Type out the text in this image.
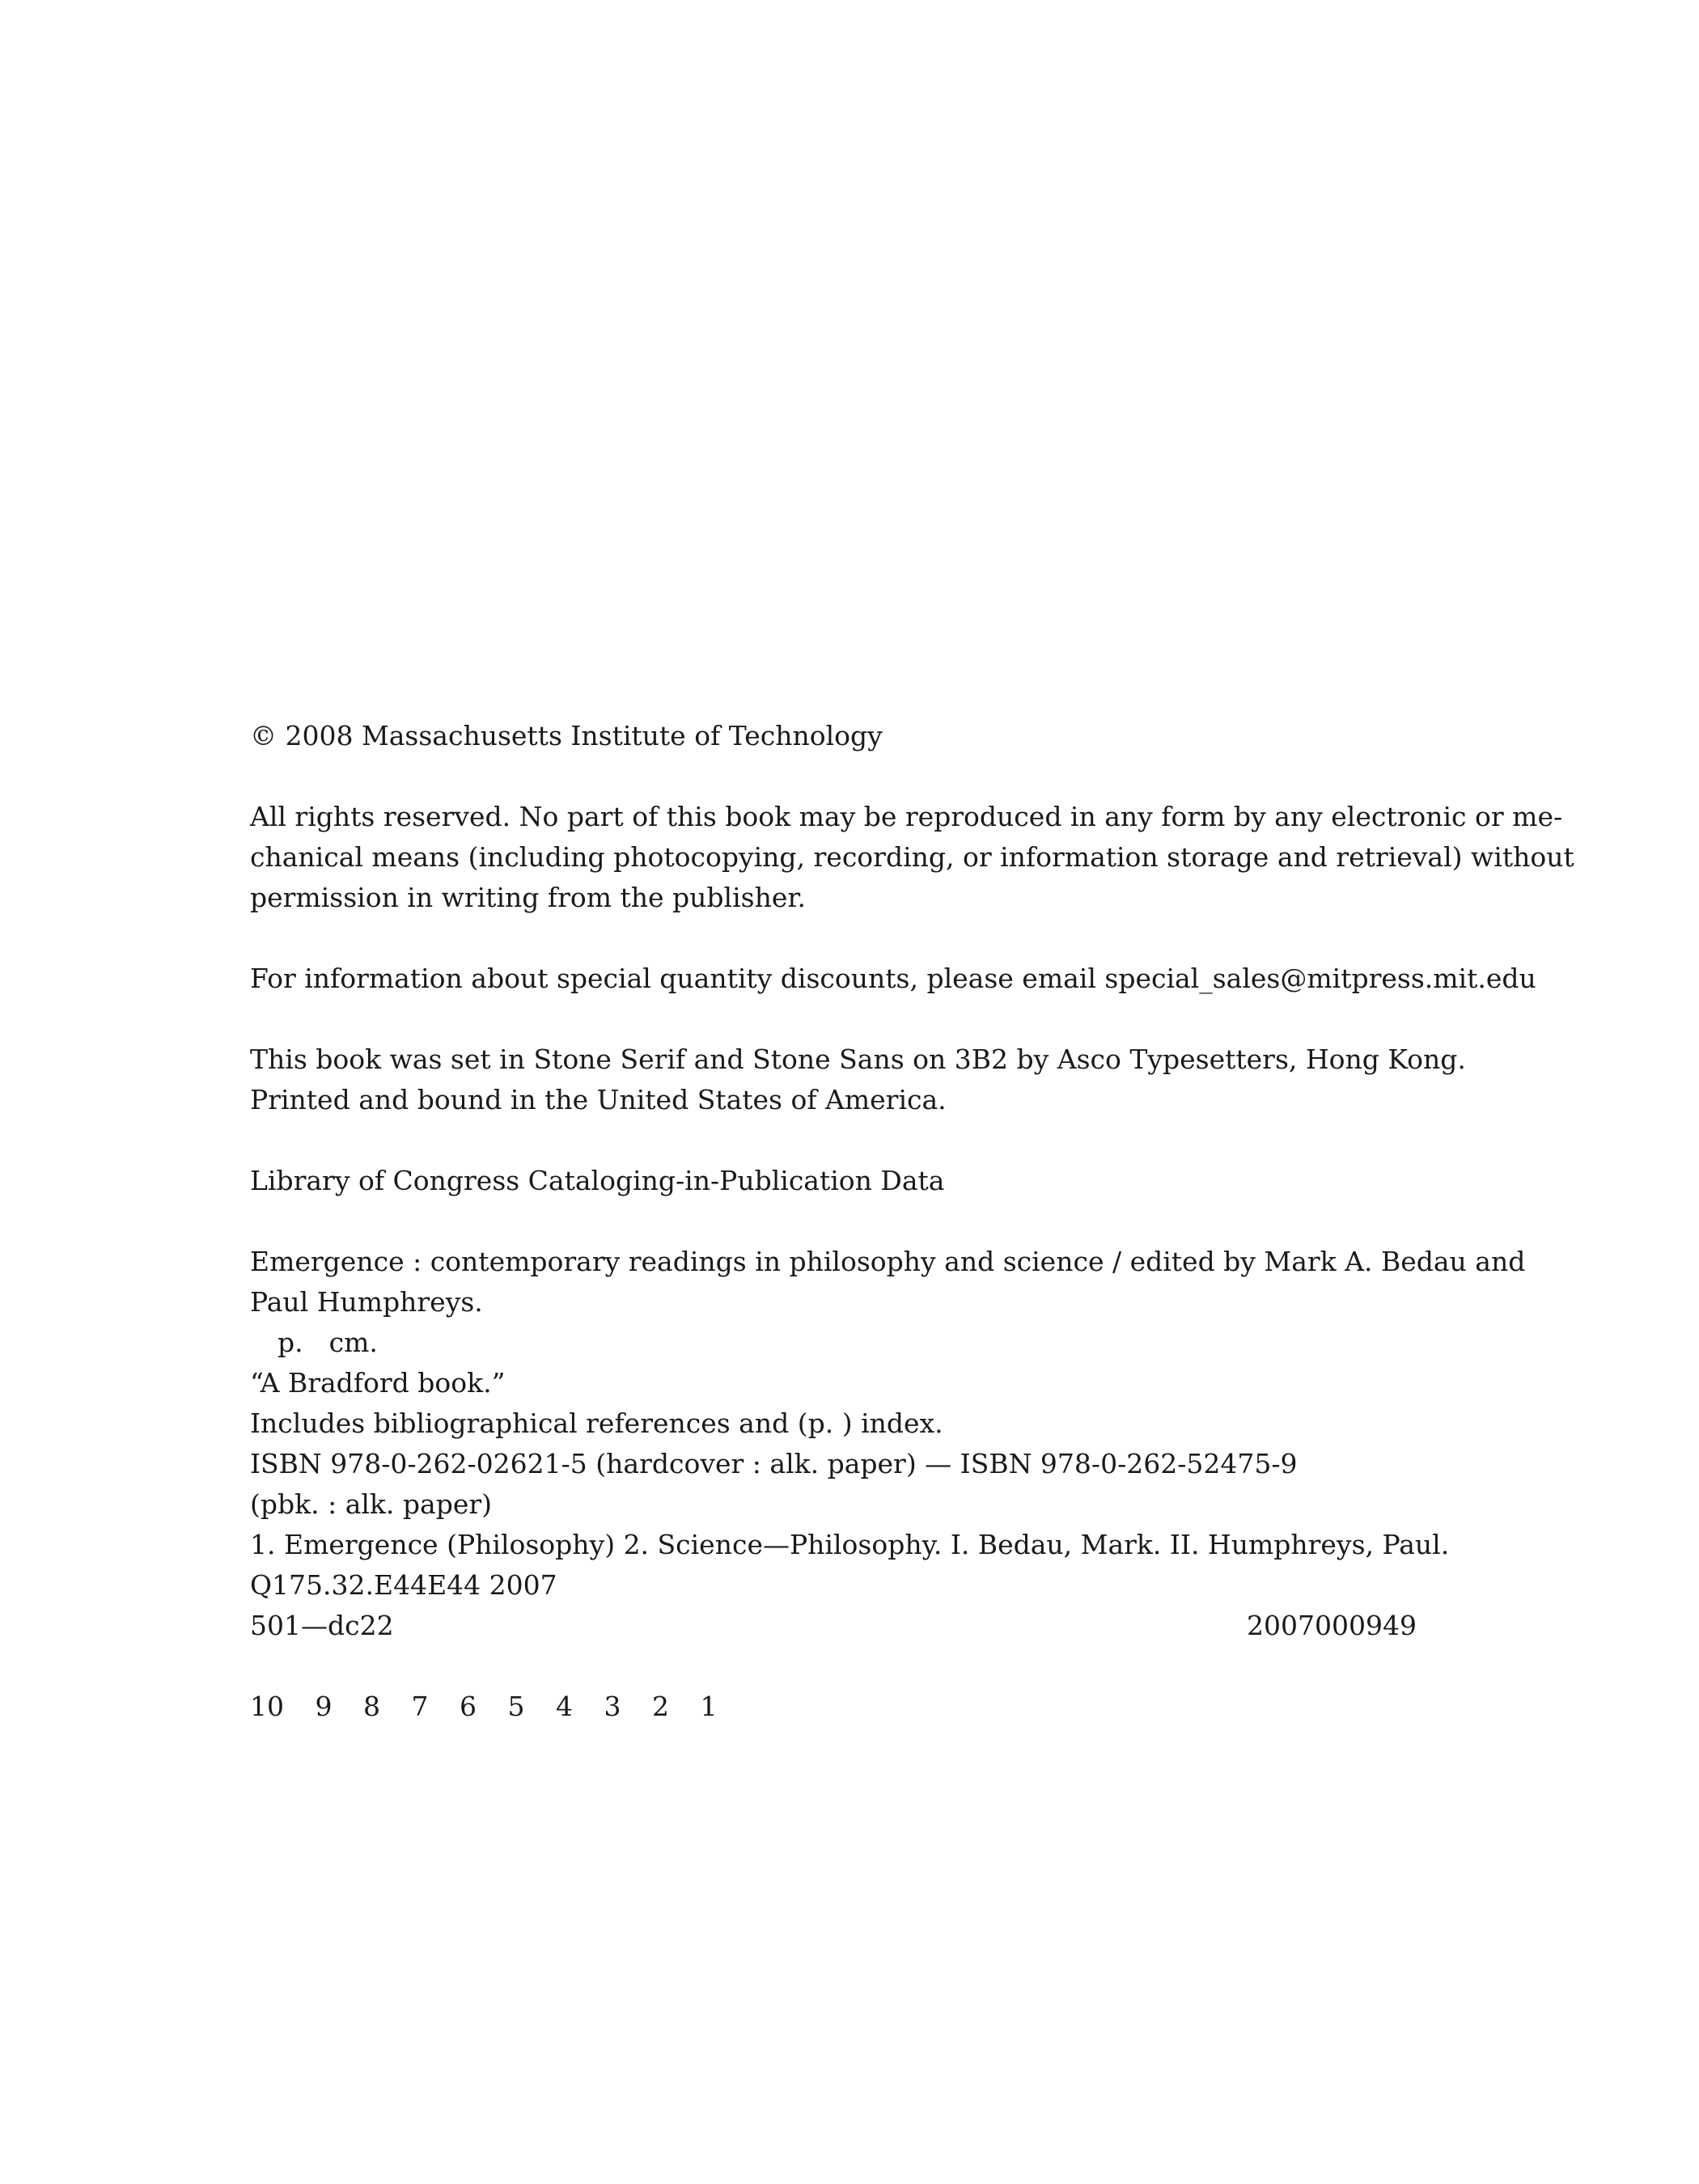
© 2008 Massachusetts Institute of Technology
All rights reserved. No part of this book may be reproduced in any form by any electronic or me-
chanical means (including photocopying, recording, or information storage and retrieval) without
permission in writing from the publisher.
For information about special quantity discounts, please email special_sales@mitpress.mit.edu
This book was set in Stone Serif and Stone Sans on 3B2 by Asco Typesetters, Hong Kong.
Printed and bound in the United States of America.
Library of Congress Cataloging-in-Publication Data
Emergence : contemporary readings in philosophy and science / edited by Mark A. Bedau and
Paul Humphreys.
p. cm.
“A Bradford book.”
Includes bibliographical references and (p. ) index.
ISBN 978-0-262-02621-5 (hardcover : alk. paper) — ISBN 978-0-262-52475-9
(pbk. : alk. paper)
1. Emergence (Philosophy) 2. Science—Philosophy. I. Bedau, Mark. II. Humphreys, Paul.
Q175.32.E44E44 2007
501—dc22	2007000949
10 9 8 7 6 5 4 3 2 1
